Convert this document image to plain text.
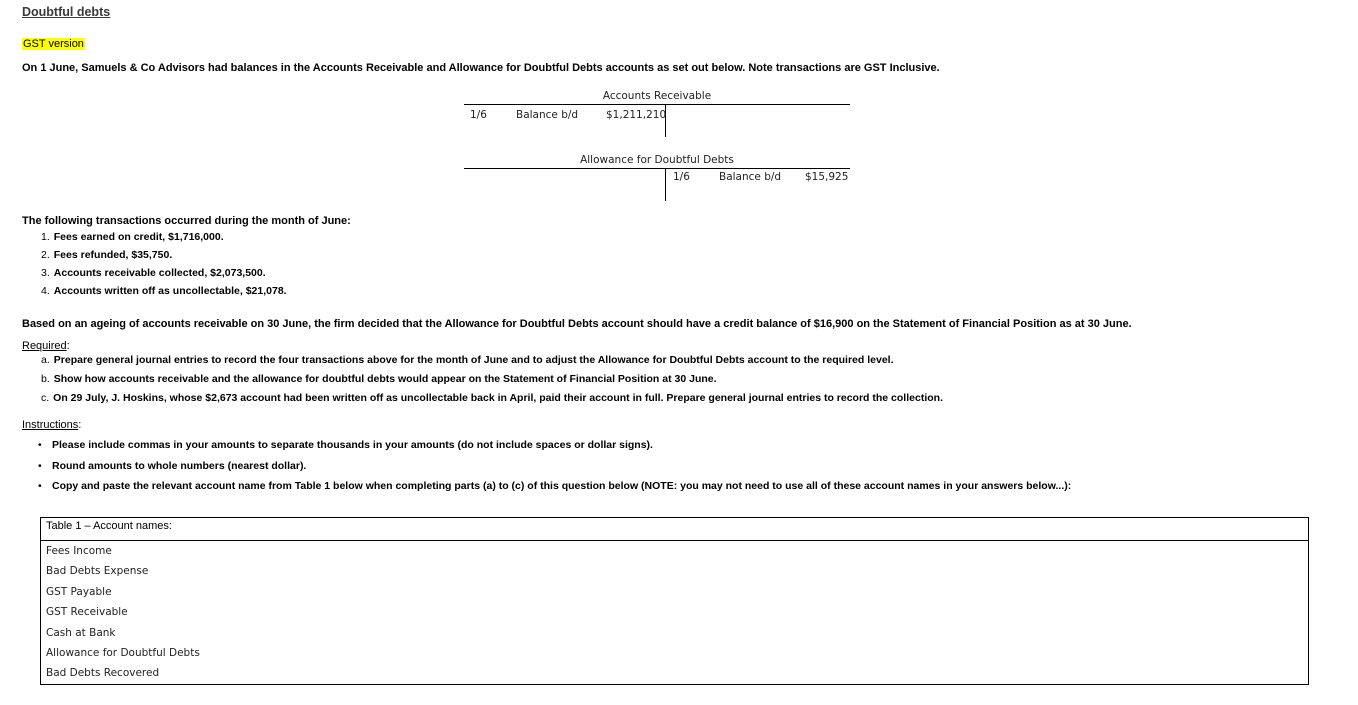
Doubtful debts
GST version
On 1 June, Samuels & Co Advisors had balances in the Accounts Receivable and Allowance for Doubtful Debts accounts as set out below. Note transactions are GST Inclusive.
Accounts Receivable
1/6	Balance b/d	$1,211,210
Allowance for Doubtful Debts
1/6	Balance b/d $15,925
The following transactions occurred during the month of June:
1. Fees earned on credit, $1,716,000.
2. Fees refunded, $35,750.
3. Accounts receivable collected, $2,073,500.
4. Accounts written off as uncollectable, $21,078.
Based on an ageing of accounts receivable on 30 June, the firm decided that the Allowance for Doubtful Debts account should have a credit balance of $16,900 on the Statement of Financial Position as at 30 June.
Required:
a. Prepare general journal entries to record the four transactions above for the month of June and to adjust the Allowance for Doubtful Debts account to the required level.
b. Show how accounts receivable and the allowance for doubtful debts would appear on the Statement of Financial Position at 30 June.
c. On 29 July, J. Hoskins, whose $2,673 account had been written off as uncollectable back in April, paid their account in full. Prepare general journal entries to record the collection.
Instructions:
• Please include commas in your amounts to separate thousands in your amounts (do not include spaces or dollar signs).
• Round amounts to whole numbers (nearest dollar).
• Copy and paste the relevant account name from Table 1 below when completing parts (a) to (c) of this question below (NOTE: you may not need to use all of these account names in your answers below...):
Table 1 – Account names:
Fees Income
Bad Debts Expense
GST Payable
GST Receivable
Cash at Bank
Allowance for Doubtful Debts
Bad Debts Recovered
